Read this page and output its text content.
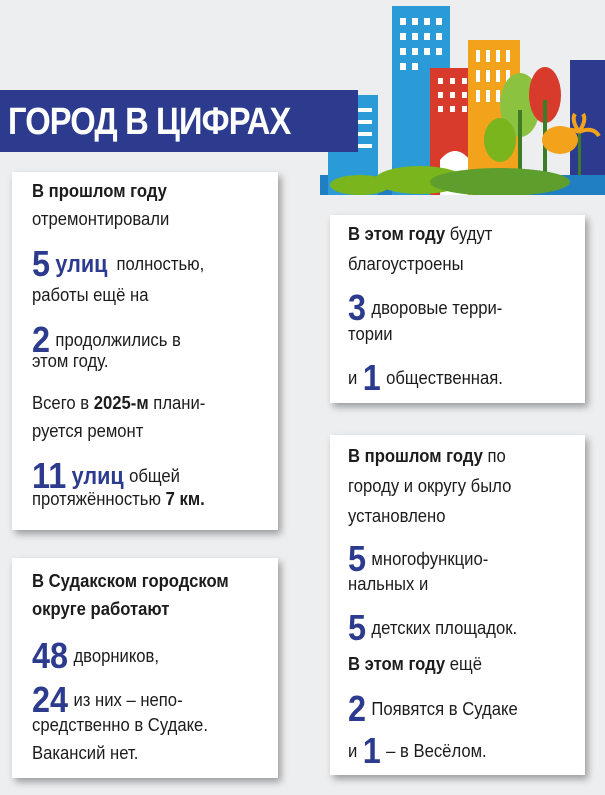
ГОРОД В ЦИФРАХ
В прошлом году
отремонтировали
5 улиц полностью,
работы ещё на
2 продолжились в
этом году.
Всего в 2025-м плани-
руется ремонт
11 улиц общей
протяжённостью 7 км.
В этом году будут
благоустроены
3 дворовые терри-
тории
и 1 общественная.
В Судакском городском
округе работают
48 дворников,
24 из них – непо-
средственно в Судаке.
Вакансий нет.
В прошлом году по
городу и округу было
установлено
5 многофункцио-
нальных и
5 детских площадок.
В этом году ещё
2 Появятся в Судаке
и 1 – в Весёлом.
